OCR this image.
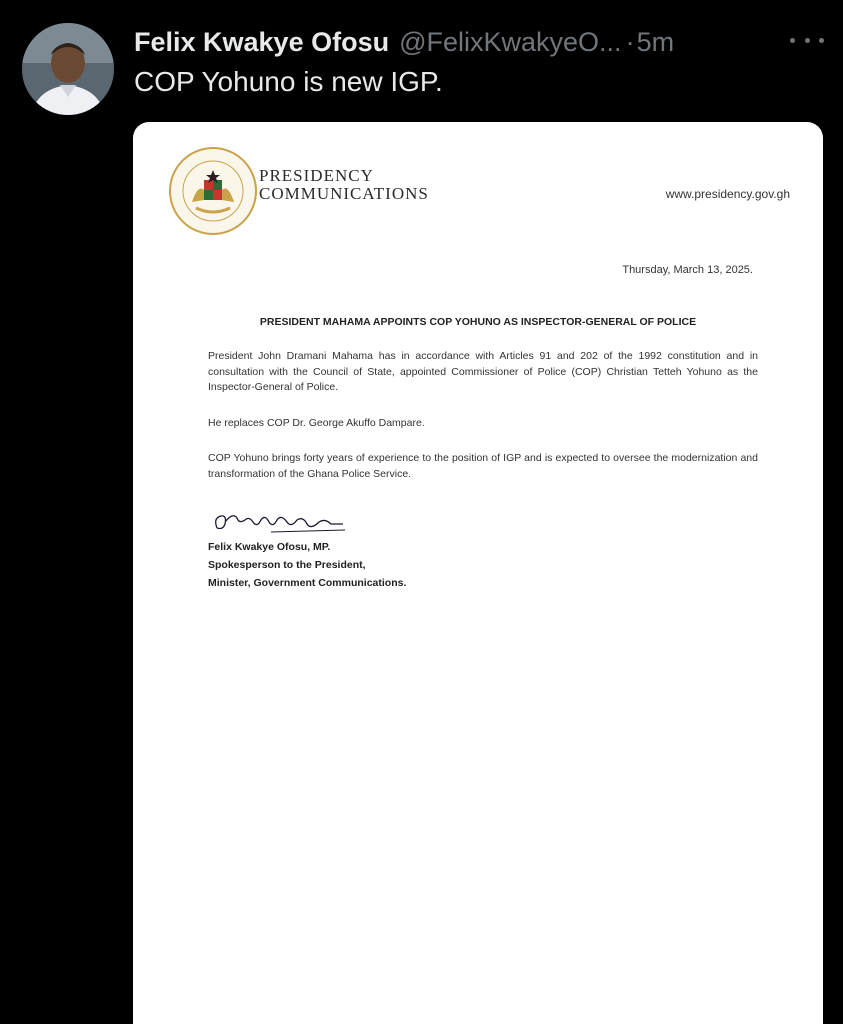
Felix Kwakye Ofosu @FelixKwakyeO... · 5m
COP Yohuno is new IGP.
PRESIDENCY
COMMUNICATIONS	www.presidency.gov.gh
Thursday, March 13, 2025.
PRESIDENT MAHAMA APPOINTS COP YOHUNO AS INSPECTOR-GENERAL OF POLICE

President John Dramani Mahama has in accordance with Articles 91 and 202 of the 1992 constitution and in consultation with the Council of State, appointed Commissioner of Police (COP) Christian Tetteh Yohuno as the Inspector-General of Police.

He replaces COP Dr. George Akuffo Dampare.

COP Yohuno brings forty years of experience to the position of IGP and is expected to oversee the modernization and transformation of the Ghana Police Service.

Felix Kwakye Ofosu, MP.
Spokesperson to the President,
Minister, Government Communications.
